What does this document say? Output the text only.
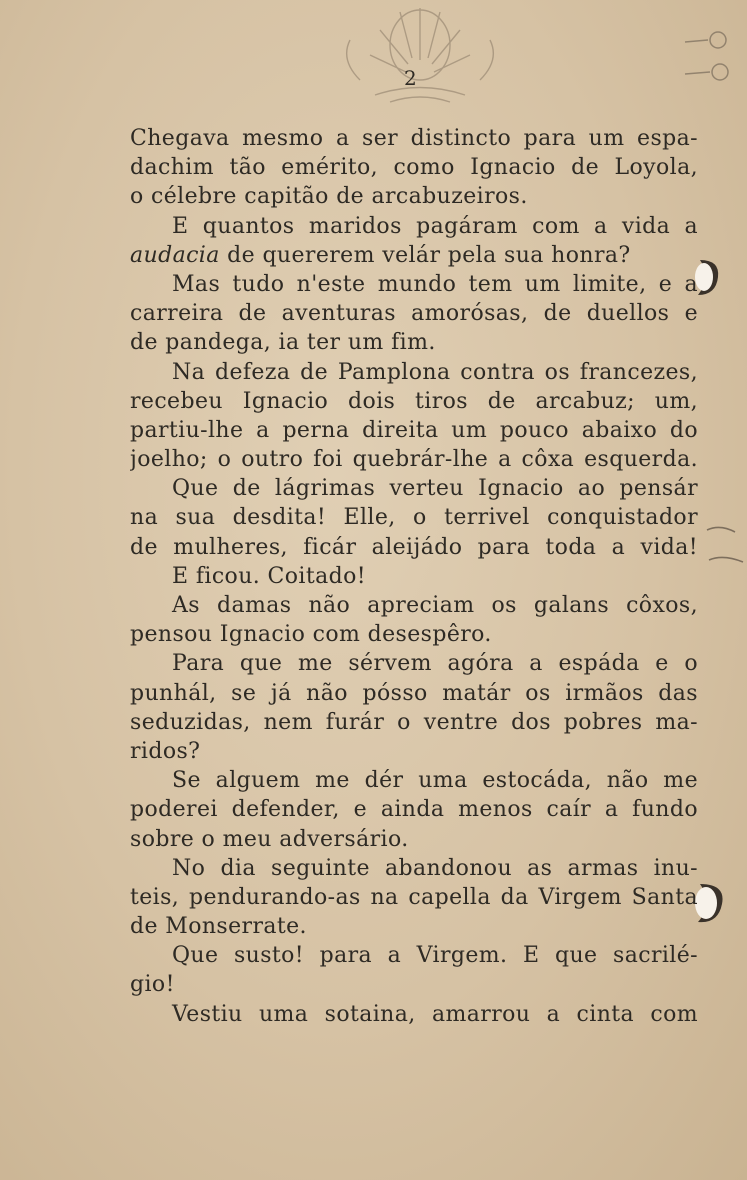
2
Chegava mesmo a ser distincto para um espa-
dachim tão emérito, como Ignacio de Loyola,
o célebre capitão de arcabuzeiros.
E quantos maridos pagáram com a vida a
audacia de quererem velár pela sua honra?
Mas tudo n'este mundo tem um limite, e a
carreira de aventuras amorósas, de duellos e
de pandega, ia ter um fim.
Na defeza de Pamplona contra os francezes,
recebeu Ignacio dois tiros de arcabuz; um,
partiu-lhe a perna direita um pouco abaixo do
joelho; o outro foi quebrár-lhe a côxa esquerda.
Que de lágrimas verteu Ignacio ao pensár
na sua desdita! Elle, o terrivel conquistador
de mulheres, ficár aleijádo para toda a vida!
E ficou. Coitado!
As damas não apreciam os galans côxos,
pensou Ignacio com desespêro.
Para que me sérvem agóra a espáda e o
punhál, se já não pósso matár os irmãos das
seduzidas, nem furár o ventre dos pobres ma-
ridos?
Se alguem me dér uma estocáda, não me
poderei defender, e ainda menos caír a fundo
sobre o meu adversário.
No dia seguinte abandonou as armas inu-
teis, pendurando-as na capella da Virgem Santa
de Monserrate.
Que susto! para a Virgem. E que sacrilé-
gio!
Vestiu uma sotaina, amarrou a cinta com
